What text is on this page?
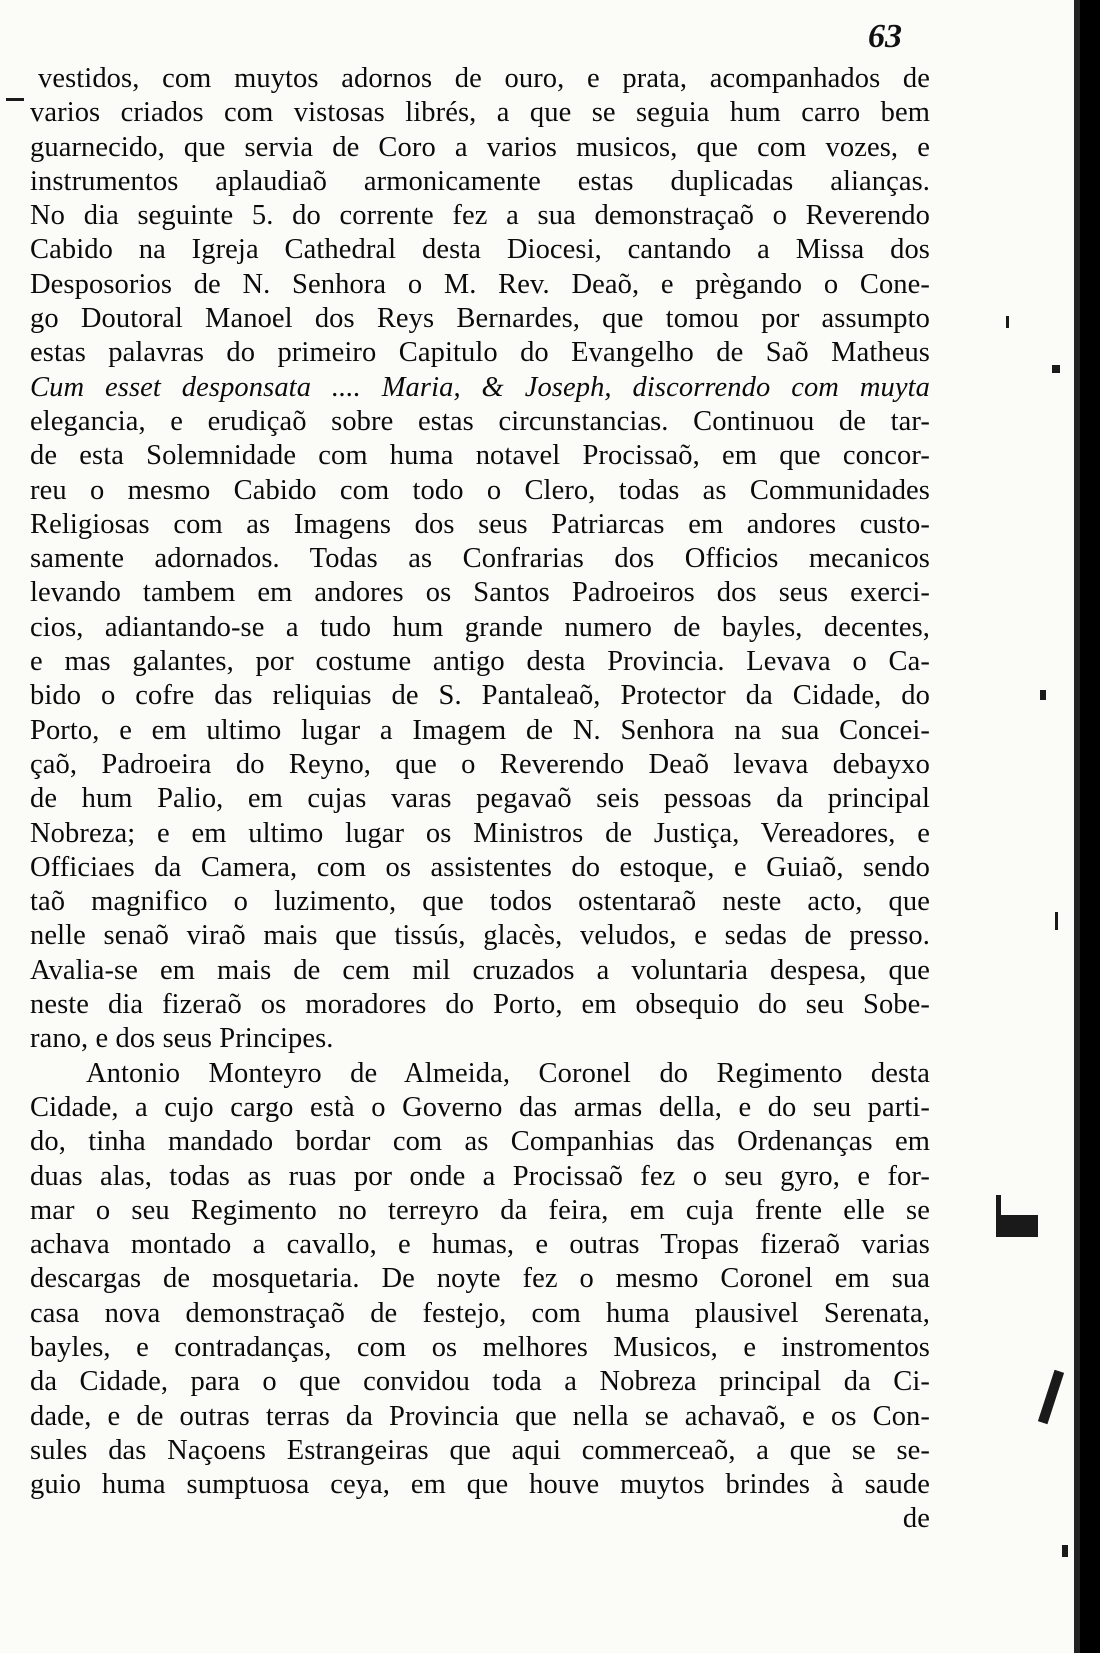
63
vestidos, com muytos adornos de ouro, e prata, acompanhados de
varios criados com vistosas librés, a que se seguia hum carro bem
guarnecido, que servia de Coro a varios musicos, que com vozes, e
instrumentos aplaudiaõ armonicamente estas duplicadas alianças.
No dia seguinte 5. do corrente fez a sua demonstraçaõ o Reverendo
Cabido na Igreja Cathedral desta Diocesi, cantando a Missa dos
Desposorios de N. Senhora o M. Rev. Deaõ, e prègando o Cone-
go Doutoral Manoel dos Reys Bernardes, que tomou por assumpto
estas palavras do primeiro Capitulo do Evangelho de Saõ Matheus
Cum esset desponsata .... Maria, & Joseph, discorrendo com muyta
elegancia, e erudiçaõ sobre estas circunstancias. Continuou de tar-
de esta Solemnidade com huma notavel Procissaõ, em que concor-
reu o mesmo Cabido com todo o Clero, todas as Communidades
Religiosas com as Imagens dos seus Patriarcas em andores custo-
samente adornados. Todas as Confrarias dos Officios mecanicos
levando tambem em andores os Santos Padroeiros dos seus exerci-
cios, adiantando-se a tudo hum grande numero de bayles, decentes,
e mas galantes, por costume antigo desta Provincia. Levava o Ca-
bido o cofre das reliquias de S. Pantaleaõ, Protector da Cidade, do
Porto, e em ultimo lugar a Imagem de N. Senhora na sua Concei-
çaõ, Padroeira do Reyno, que o Reverendo Deaõ levava debayxo
de hum Palio, em cujas varas pegavaõ seis pessoas da principal
Nobreza; e em ultimo lugar os Ministros de Justiça, Vereadores, e
Officiaes da Camera, com os assistentes do estoque, e Guiaõ, sendo
taõ magnifico o luzimento, que todos ostentaraõ neste acto, que
nelle senaõ viraõ mais que tissús, glacès, veludos, e sedas de presso.
Avalia-se em mais de cem mil cruzados a voluntaria despesa, que
neste dia fizeraõ os moradores do Porto, em obsequio do seu Sobe-
rano, e dos seus Principes.
Antonio Monteyro de Almeida, Coronel do Regimento desta
Cidade, a cujo cargo està o Governo das armas della, e do seu parti-
do, tinha mandado bordar com as Companhias das Ordenanças em
duas alas, todas as ruas por onde a Procissaõ fez o seu gyro, e for-
mar o seu Regimento no terreyro da feira, em cuja frente elle se
achava montado a cavallo, e humas, e outras Tropas fizeraõ varias
descargas de mosquetaria. De noyte fez o mesmo Coronel em sua
casa nova demonstraçaõ de festejo, com huma plausivel Serenata,
bayles, e contradanças, com os melhores Musicos, e instromentos
da Cidade, para o que convidou toda a Nobreza principal da Ci-
dade, e de outras terras da Provincia que nella se achavaõ, e os Con-
sules das Naçoens Estrangeiras que aqui commerceaõ, a que se se-
guio huma sumptuosa ceya, em que houve muytos brindes à saude
de
